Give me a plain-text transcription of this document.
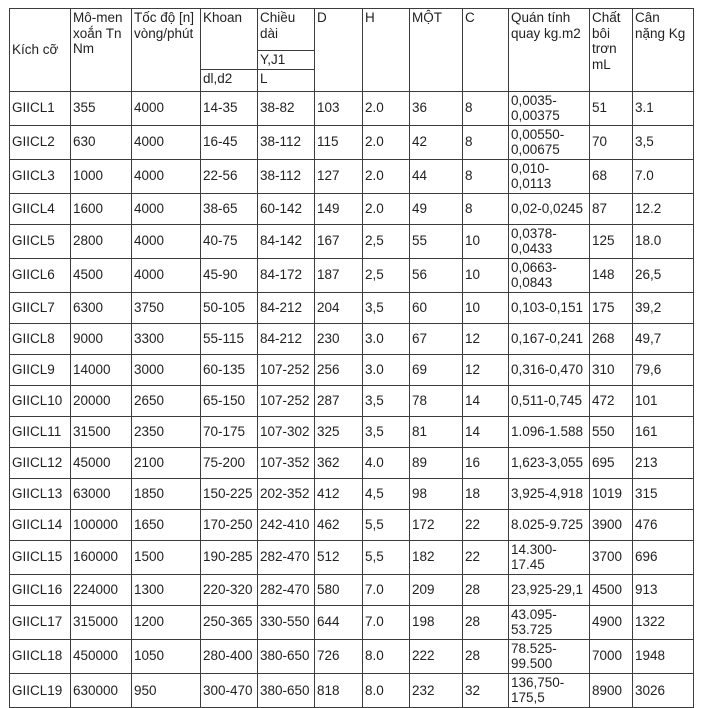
Kích cỡ	Mô-men xoắn Tn Nm	Tốc độ [n] vòng/phút	Khoan	Chiều dài	D	H	MỘT	C	Quán tính quay kg.m2	Chất bôi trơn mL	Cân nặng Kg
				Y,J1							
			dl,d2	L							
GIICL1	355	4000	14-35	38-82	103	2.0	36	8	0,0035-0,00375	51	3.1
GIICL2	630	4000	16-45	38-112	115	2.0	42	8	0,00550-0,00675	70	3,5
GIICL3	1000	4000	22-56	38-112	127	2.0	44	8	0,010-0,0113	68	7.0
GIICL4	1600	4000	38-65	60-142	149	2.0	49	8	0,02-0,0245	87	12.2
GIICL5	2800	4000	40-75	84-142	167	2,5	55	10	0,0378-0,0433	125	18.0
GIICL6	4500	4000	45-90	84-172	187	2,5	56	10	0,0663-0,0843	148	26,5
GIICL7	6300	3750	50-105	84-212	204	3,5	60	10	0,103-0,151	175	39,2
GIICL8	9000	3300	55-115	84-212	230	3.0	67	12	0,167-0,241	268	49,7
GIICL9	14000	3000	60-135	107-252	256	3.0	69	12	0,316-0,470	310	79,6
GIICL10	20000	2650	65-150	107-252	287	3,5	78	14	0,511-0,745	472	101
GIICL11	31500	2350	70-175	107-302	325	3,5	81	14	1.096-1.588	550	161
GIICL12	45000	2100	75-200	107-352	362	4.0	89	16	1,623-3,055	695	213
GIICL13	63000	1850	150-225	202-352	412	4,5	98	18	3,925-4,918	1019	315
GIICL14	100000	1650	170-250	242-410	462	5,5	172	22	8.025-9.725	3900	476
GIICL15	160000	1500	190-285	282-470	512	5,5	182	22	14.300-17.45	3700	696
GIICL16	224000	1300	220-320	282-470	580	7.0	209	28	23,925-29,1	4500	913
GIICL17	315000	1200	250-365	330-550	644	7.0	198	28	43.095-53.725	4900	1322
GIICL18	450000	1050	280-400	380-650	726	8.0	222	28	78.525-99.500	7000	1948
GIICL19	630000	950	300-470	380-650	818	8.0	232	32	136,750-175,5	8900	3026
